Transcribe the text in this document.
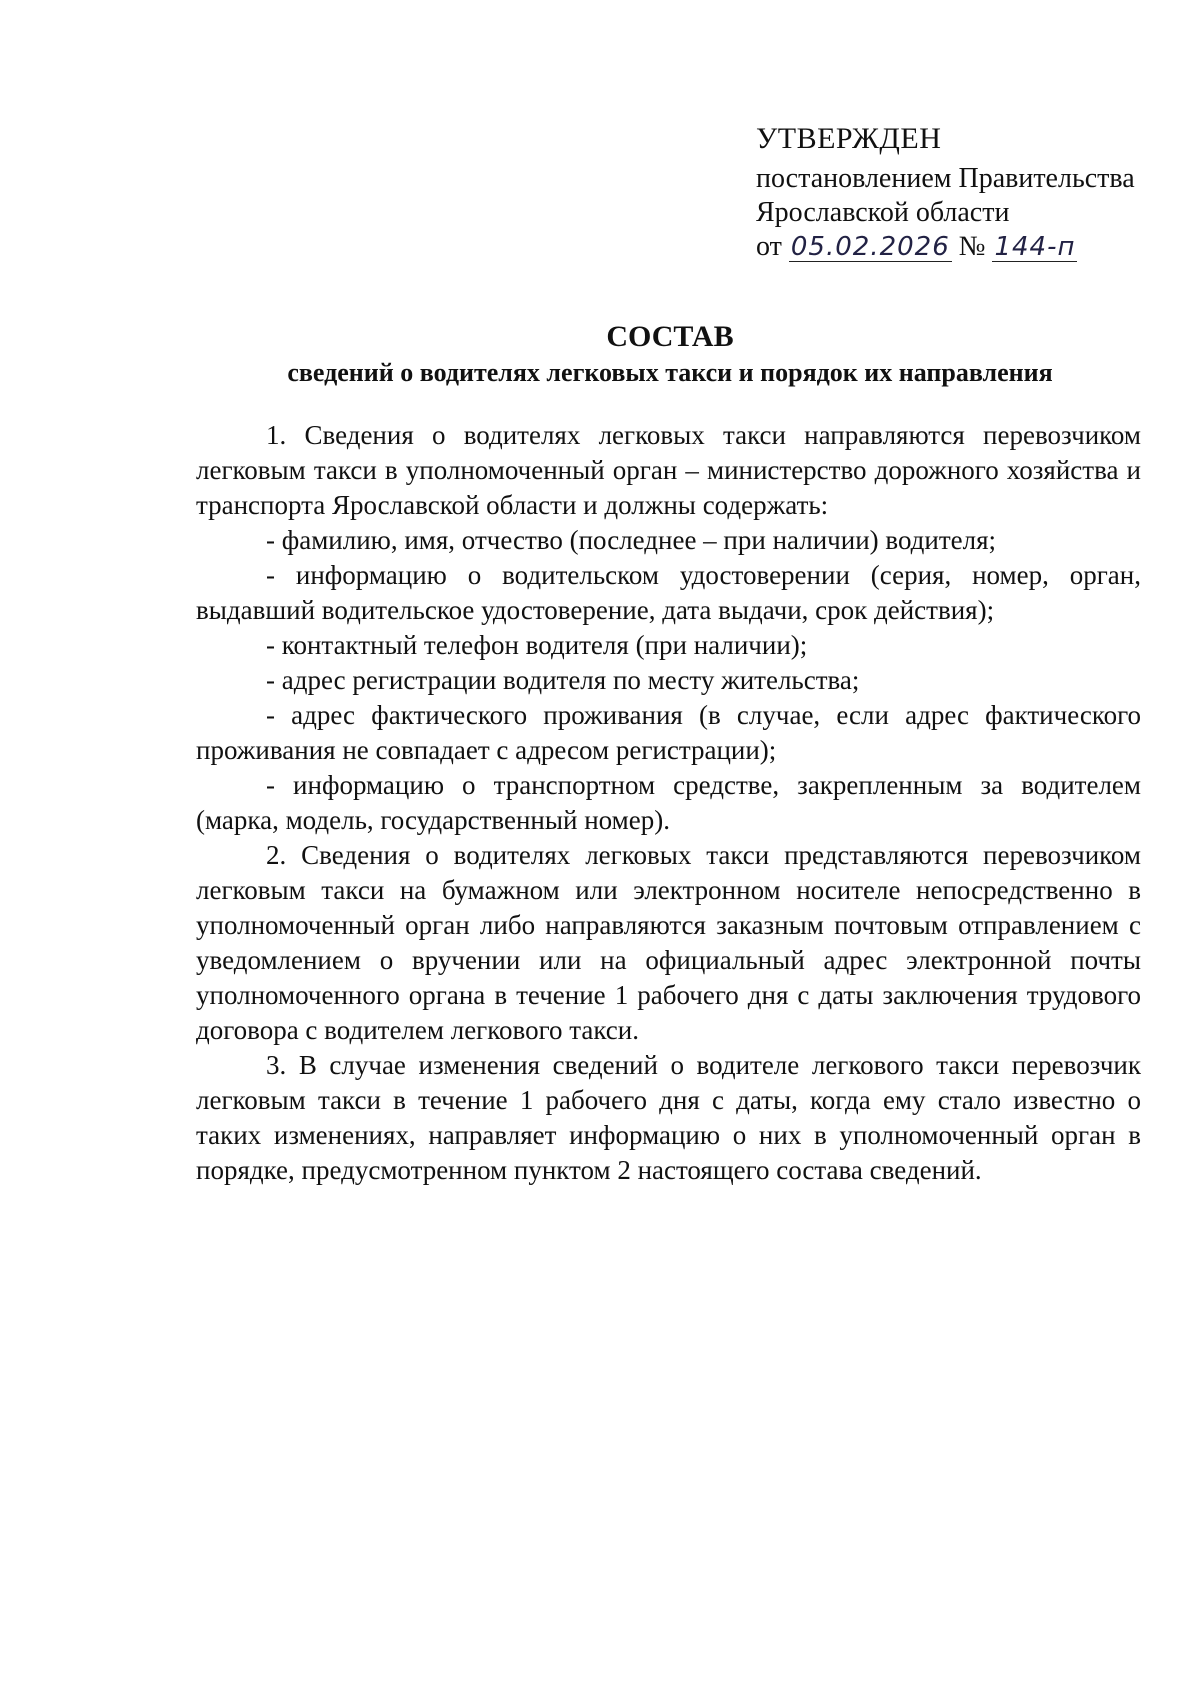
УТВЕРЖДЕН
постановлением Правительства
Ярославской области
от 05.02.2026 № 144-п
СОСТАВ
сведений о водителях легковых такси и порядок их направления

1. Сведения о водителях легковых такси направляются перевозчиком легковым такси в уполномоченный орган – министерство дорожного хозяйства и транспорта Ярославской области и должны содержать:

- фамилию, имя, отчество (последнее – при наличии) водителя;

- информацию о водительском удостоверении (серия, номер, орган, выдавший водительское удостоверение, дата выдачи, срок действия);

- контактный телефон водителя (при наличии);

- адрес регистрации водителя по месту жительства;

- адрес фактического проживания (в случае, если адрес фактического проживания не совпадает с адресом регистрации);

- информацию о транспортном средстве, закрепленным за водителем (марка, модель, государственный номер).

2. Сведения о водителях легковых такси представляются перевозчиком легковым такси на бумажном или электронном носителе непосредственно в уполномоченный орган либо направляются заказным почтовым отправлением с уведомлением о вручении или на официальный адрес электронной почты уполномоченного органа в течение 1 рабочего дня с даты заключения трудового договора с водителем легкового такси.

3. В случае изменения сведений о водителе легкового такси перевозчик легковым такси в течение 1 рабочего дня с даты, когда ему стало известно о таких изменениях, направляет информацию о них в уполномоченный орган в порядке, предусмотренном пунктом 2 настоящего состава сведений.
